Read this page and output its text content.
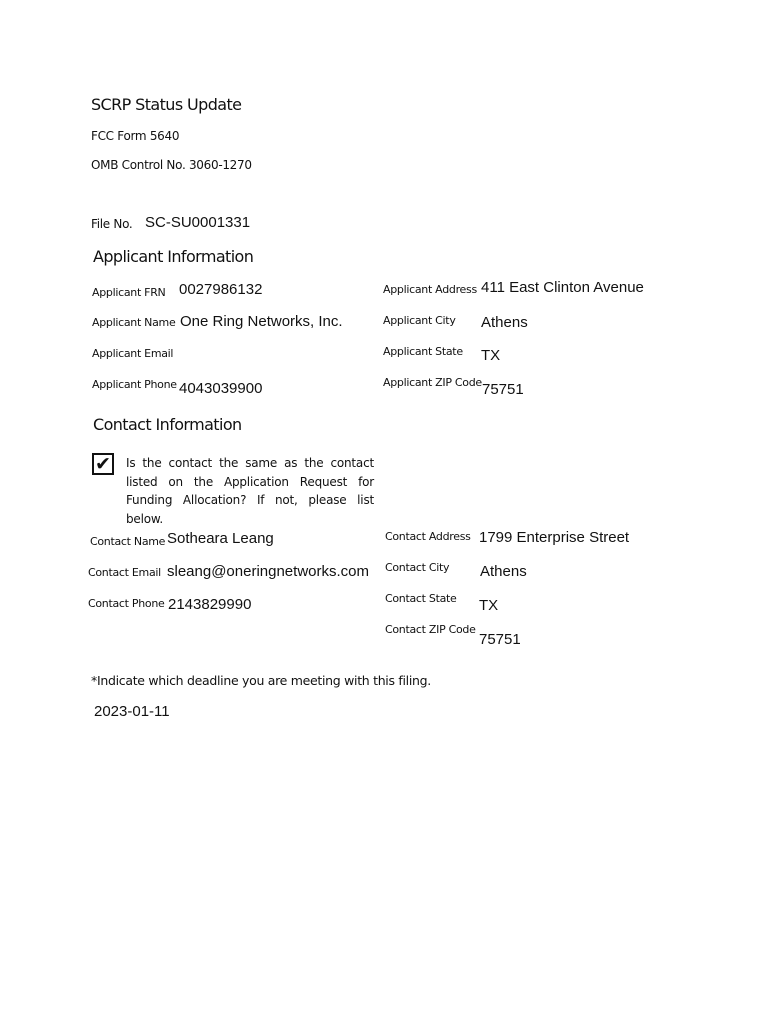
SCRP Status Update
FCC Form 5640
OMB Control No. 3060-1270
File No. SC-SU0001331
Applicant Information
Applicant FRN 0027986132
Applicant Name One Ring Networks, Inc.
Applicant Email
Applicant Phone 4043039900
Applicant Address 411 East Clinton Avenue
Applicant City Athens
Applicant State TX
Applicant ZIP Code 75751
Contact Information
✔ Is the contact the same as the contact listed on the Application Request for Funding Allocation? If not, please list below.
Contact Name Sotheara Leang
Contact Email sleang@oneringnetworks.com
Contact Phone 2143829990
Contact Address 1799 Enterprise Street
Contact City Athens
Contact State TX
Contact ZIP Code
75751
*Indicate which deadline you are meeting with this filing.
2023-01-11
